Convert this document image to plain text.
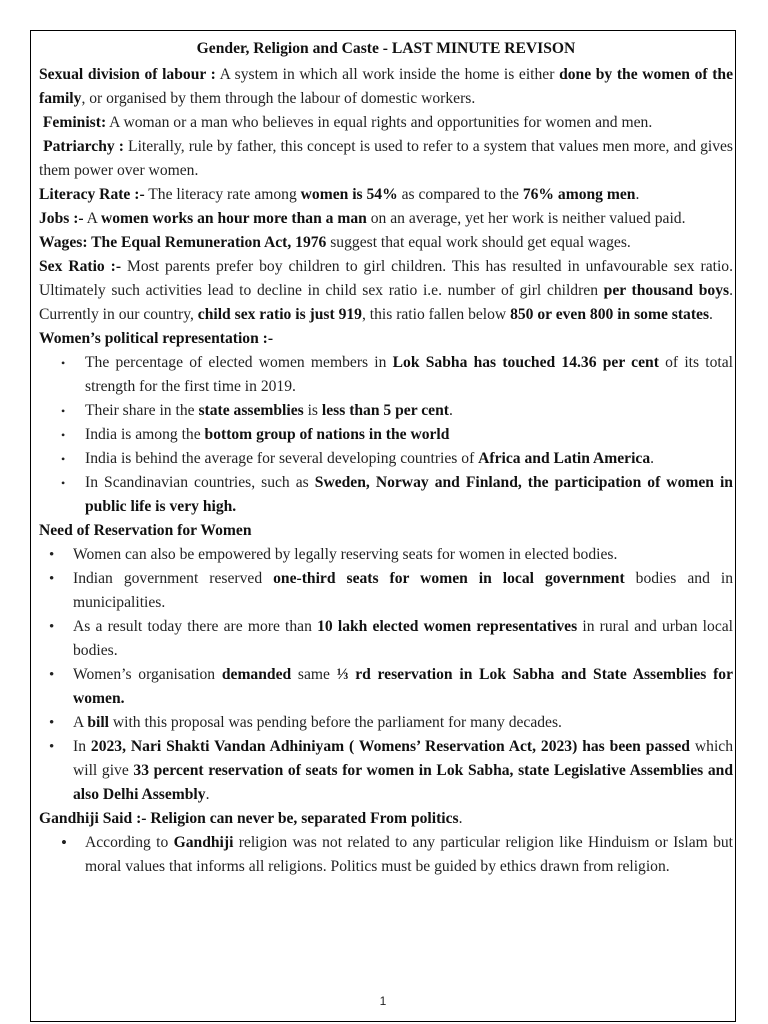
Gender, Religion and Caste - LAST MINUTE REVISON

Sexual division of labour : A system in which all work inside the home is either done by the women of the family, or organised by them through the labour of domestic workers.

Feminist: A woman or a man who believes in equal rights and opportunities for women and men.

Patriarchy : Literally, rule by father, this concept is used to refer to a system that values men more, and gives them power over women.

Literacy Rate :- The literacy rate among women is 54% as compared to the 76% among men.

Jobs :- A women works an hour more than a man on an average, yet her work is neither valued paid.

Wages: The Equal Remuneration Act, 1976 suggest that equal work should get equal wages.

Sex Ratio :- Most parents prefer boy children to girl children. This has resulted in unfavourable sex ratio. Ultimately such activities lead to decline in child sex ratio i.e. number of girl children per thousand boys. Currently in our country, child sex ratio is just 919, this ratio fallen below 850 or even 800 in some states.

Women’s political representation :-

• The percentage of elected women members in Lok Sabha has touched 14.36 per cent of its total strength for the first time in 2019.
• Their share in the state assemblies is less than 5 per cent.
• India is among the bottom group of nations in the world
• India is behind the average for several developing countries of Africa and Latin America.
• In Scandinavian countries, such as Sweden, Norway and Finland, the participation of women in public life is very high.

Need of Reservation for Women

• Women can also be empowered by legally reserving seats for women in elected bodies.
• Indian government reserved one-third seats for women in local government bodies and in municipalities.
• As a result today there are more than 10 lakh elected women representatives in rural and urban local bodies.
• Women’s organisation demanded same ⅓ rd reservation in Lok Sabha and State Assemblies for women.
• A bill with this proposal was pending before the parliament for many decades.
• In 2023, Nari Shakti Vandan Adhiniyam ( Womens’ Reservation Act, 2023) has been passed which will give 33 percent reservation of seats for women in Lok Sabha, state Legislative Assemblies and also Delhi Assembly.

Gandhiji Said :- Religion can never be, separated From politics.

• According to Gandhiji religion was not related to any particular religion like Hinduism or Islam but moral values that informs all religions. Politics must be guided by ethics drawn from religion.
1
